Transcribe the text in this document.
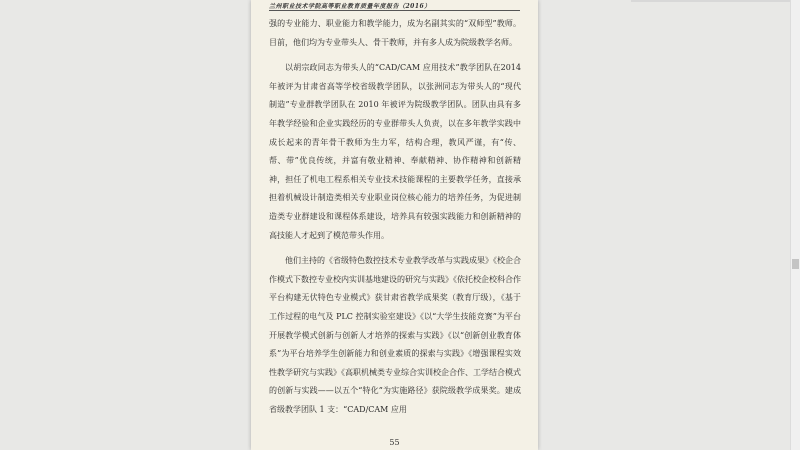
兰州职业技术学院高等职业教育质量年度报告（2016）

强的专业能力、职业能力和教学能力，成为名副其实的“双师型”教师。目前，他们均为专业带头人、骨干教师，并有多人成为院级教学名师。

以胡宗政同志为带头人的“CAD/CAM 应用技术”教学团队在2014 年被评为甘肃省高等学校省级教学团队，以张洲同志为带头人的“现代制造”专业群教学团队在 2010 年被评为院级教学团队。团队由具有多年教学经验和企业实践经历的专业群带头人负责，以在多年教学实践中成长起来的青年骨干教师为生力军，结构合理，教风严谨，有“传、帮、带”优良传统，并富有敬业精神、奉献精神、协作精神和创新精神，担任了机电工程系相关专业技术技能课程的主要教学任务，直接承担着机械设计制造类相关专业职业岗位核心能力的培养任务，为促进制造类专业群建设和课程体系建设，培养具有较强实践能力和创新精神的高技能人才起到了模范带头作用。

他们主持的《省级特色数控技术专业教学改革与实践成果》《校企合作模式下数控专业校内实训基地建设的研究与实践》《依托校企校科合作平台构建无伏特色专业模式》获甘肃省教学成果奖（教育厅级），《基于工作过程的电气及 PLC 控制实验室建设》《以“大学生技能竞赛”为平台开展教学模式创新与创新人才培养的探索与实践》《以“创新创业教育体系”为平台培养学生创新能力和创业素质的探索与实践》《增强课程实效性教学研究与实践》《高职机械类专业综合实训校企合作、工学结合模式的创新与实践——以五个“特化”为实施路径》获院级教学成果奖。建成省级教学团队 1 支：“CAD/CAM 应用

55
